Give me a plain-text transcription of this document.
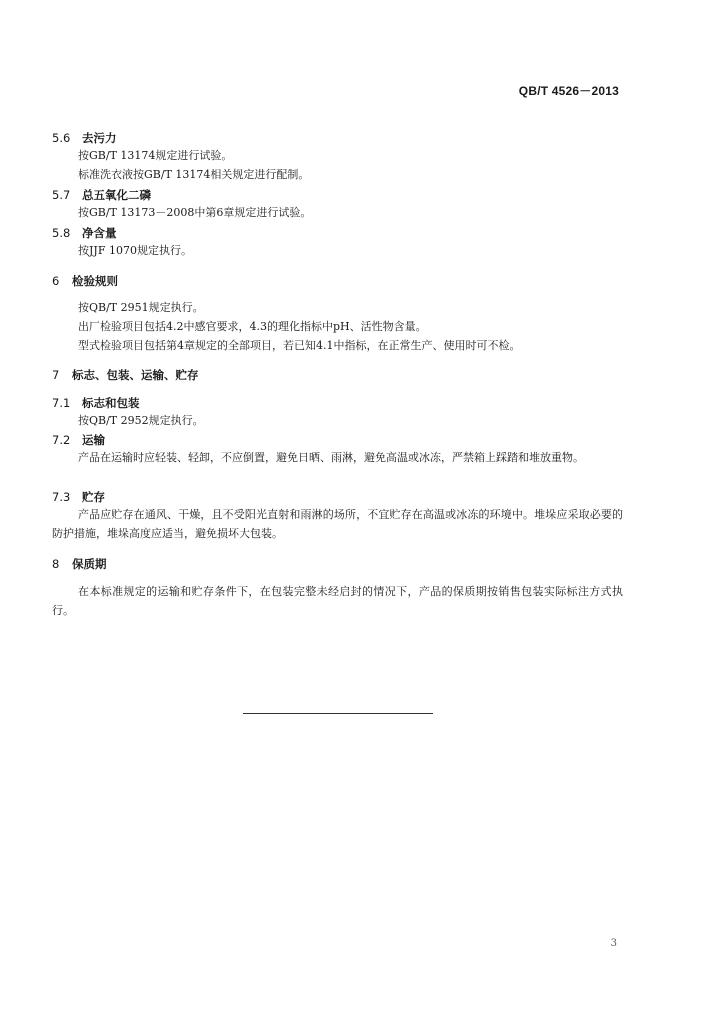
QB/T 4526－2013
5.6 去污力
按GB/T 13174规定进行试验。
标准洗衣液按GB/T 13174相关规定进行配制。
5.7 总五氧化二磷
按GB/T 13173－2008中第6章规定进行试验。
5.8 净含量
按JJF 1070规定执行。
6 检验规则
按QB/T 2951规定执行。
出厂检验项目包括4.2中感官要求，4.3的理化指标中pH、活性物含量。
型式检验项目包括第4章规定的全部项目，若已知4.1中指标，在正常生产、使用时可不检。
7 标志、包装、运输、贮存
7.1 标志和包装
按QB/T 2952规定执行。
7.2 运输
产品在运输时应轻装、轻卸，不应倒置，避免日晒、雨淋，避免高温或冰冻，严禁箱上踩踏和堆放重物。
7.3 贮存
产品应贮存在通风、干燥，且不受阳光直射和雨淋的场所，不宜贮存在高温或冰冻的环境中。堆垛应采取必要的防护措施，堆垛高度应适当，避免损坏大包装。
8 保质期
在本标准规定的运输和贮存条件下，在包装完整未经启封的情况下，产品的保质期按销售包装实际标注方式执行。
3
